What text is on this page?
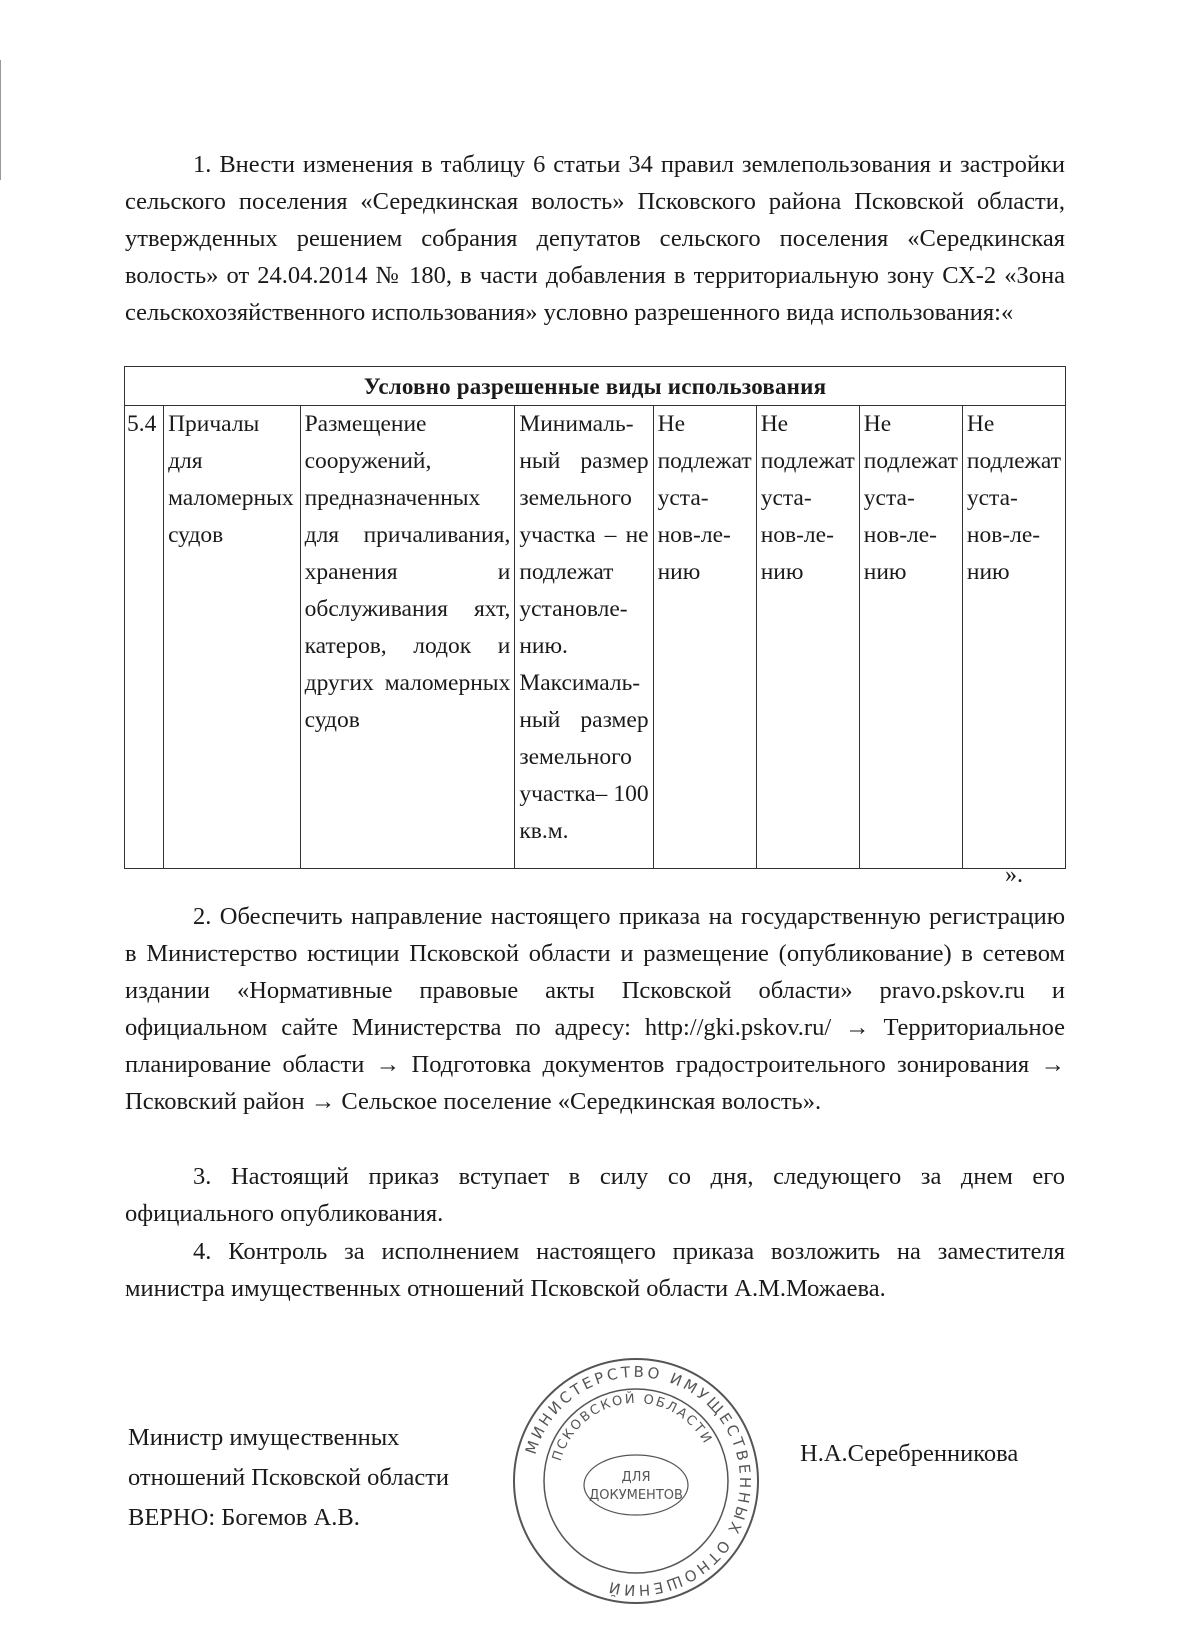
1. Внести изменения в таблицу 6 статьи 34 правил землепользования и застройки сельского поселения «Середкинская волость» Псковского района Псковской области, утвержденных решением собрания депутатов сельского поселения «Середкинская волость» от 24.04.2014 № 180, в части добавления в территориальную зону СХ-2 «Зона сельскохозяйственного использования» условно разрешенного вида использования:«

Условно разрешенные виды использования
5.4	Причалы для маломерных судов	Размещение сооружений, предназначенных для причаливания, хранения и обслуживания яхт, катеров, лодок и других маломерных судов	Минималь-ный размер земельного участка – не подлежат установле-нию. Максималь-ный размер земельного участка– 100 кв.м.	Не подлежат уста-нов-ле-нию	Не подлежат уста-нов-ле-нию	Не подлежат уста-нов-ле-нию	Не подлежат уста-нов-ле-нию
».

2. Обеспечить направление настоящего приказа на государственную регистрацию в Министерство юстиции Псковской области и размещение (опубликование) в сетевом издании «Нормативные правовые акты Псковской области» pravo.pskov.ru и официальном сайте Министерства по адресу: http://gki.pskov.ru/ → Территориальное планирование области → Подготовка документов градостроительного зонирования → Псковский район → Сельское поселение «Середкинская волость».

3. Настоящий приказ вступает в силу со дня, следующего за днем его официального опубликования.

4. Контроль за исполнением настоящего приказа возложить на заместителя министра имущественных отношений Псковской области А.М.Можаева.

Министр имущественных
отношений Псковской области
ВЕРНО: Богемов А.В.
МИНИСТЕРСТВО ИМУЩЕСТВЕННЫХ ОТНОШЕНИЙ
ПСКОВСКОЙ ОБЛАСТИ
ДЛЯ
ДОКУМЕНТОВ
Н.А.Серебренникова
